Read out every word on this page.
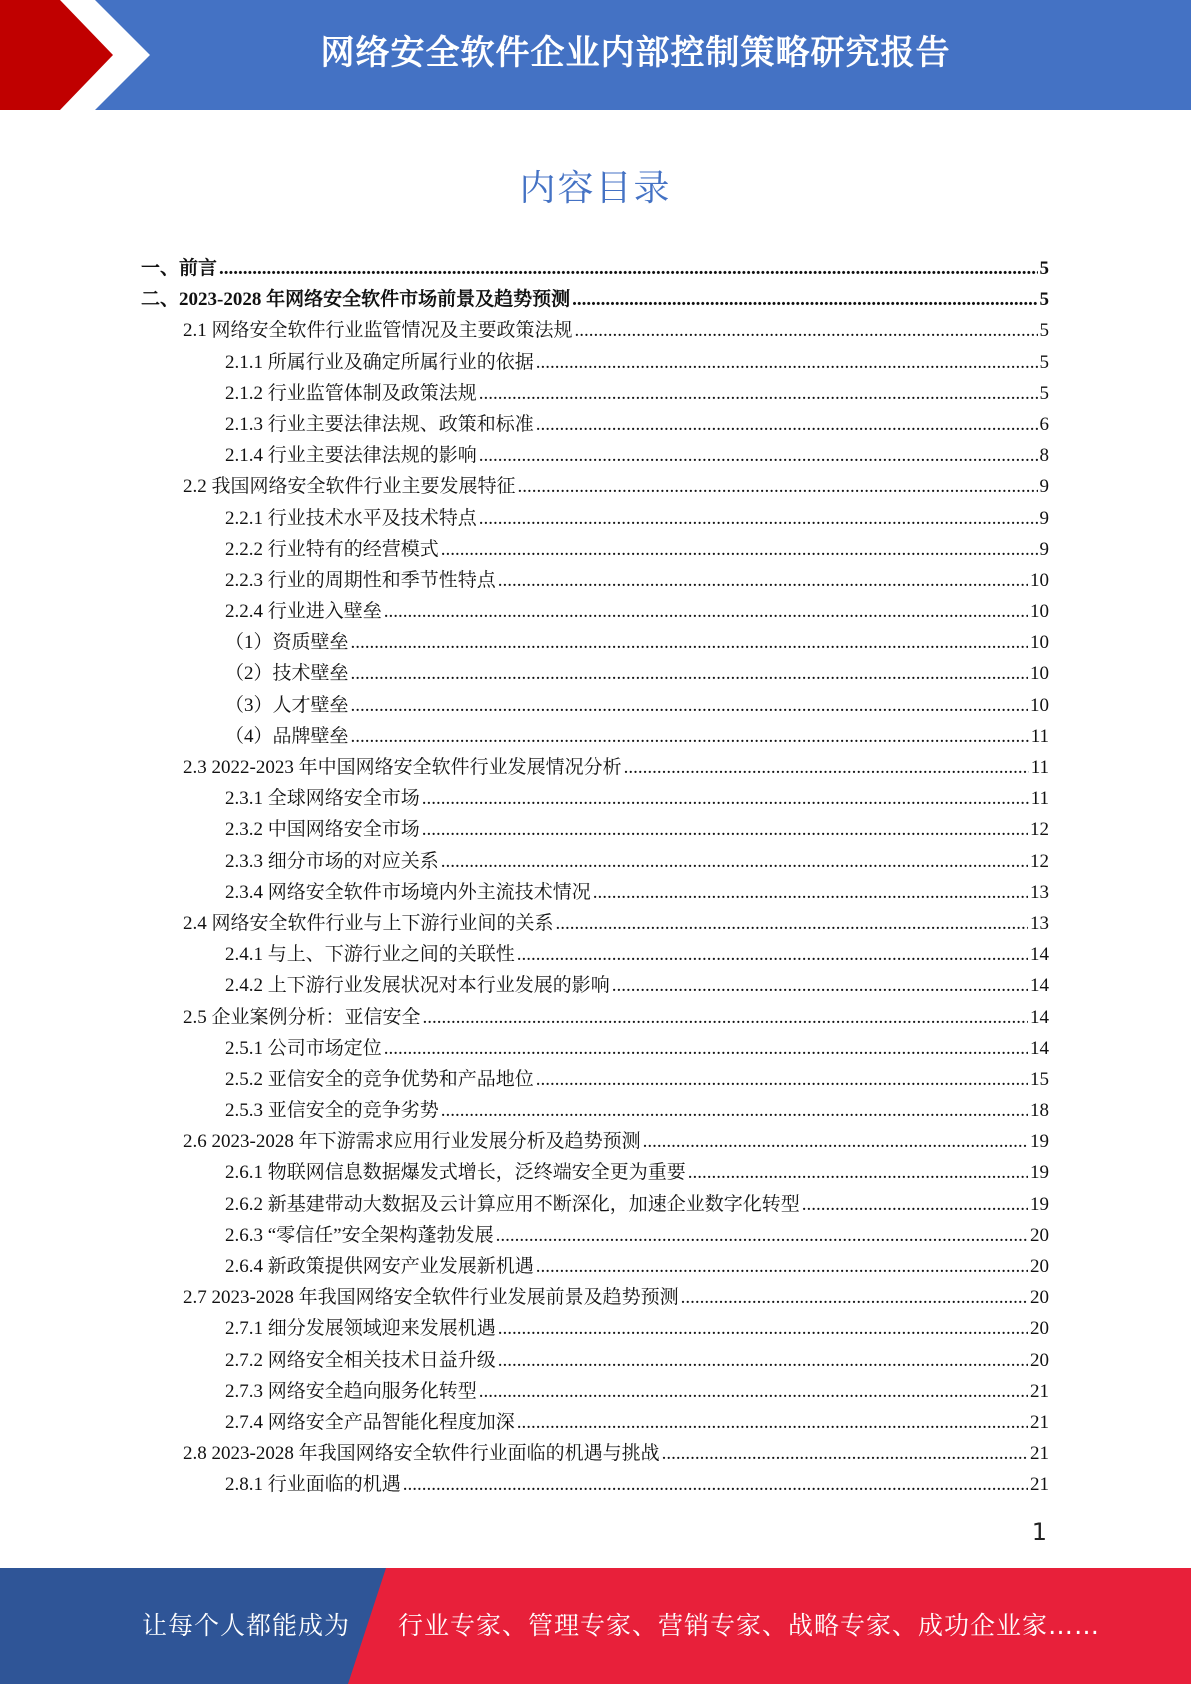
网络安全软件企业内部控制策略研究报告
内容目录
一、前言 .....	5
二、2023-2028 年网络安全软件市场前景及趋势预测 .....	5
2.1 网络安全软件行业监管情况及主要政策法规 .....	5
2.1.1 所属行业及确定所属行业的依据 .....	5
2.1.2 行业监管体制及政策法规 .....	5
2.1.3 行业主要法律法规、政策和标准 .....	6
2.1.4 行业主要法律法规的影响 .....	8
2.2 我国网络安全软件行业主要发展特征 .....	9
2.2.1 行业技术水平及技术特点 .....	9
2.2.2 行业特有的经营模式 .....	9
2.2.3 行业的周期性和季节性特点 .....	10
2.2.4 行业进入壁垒 .....	10
（1）资质壁垒 .....	10
（2）技术壁垒 .....	10
（3）人才壁垒 .....	10
（4）品牌壁垒 .....	11
2.3 2022-2023 年中国网络安全软件行业发展情况分析 .....	11
2.3.1 全球网络安全市场 .....	11
2.3.2 中国网络安全市场 .....	12
2.3.3 细分市场的对应关系 .....	12
2.3.4 网络安全软件市场境内外主流技术情况 .....	13
2.4 网络安全软件行业与上下游行业间的关系 .....	13
2.4.1 与上、下游行业之间的关联性 .....	14
2.4.2 上下游行业发展状况对本行业发展的影响 .....	14
2.5 企业案例分析：亚信安全 .....	14
2.5.1 公司市场定位 .....	14
2.5.2 亚信安全的竞争优势和产品地位 .....	15
2.5.3 亚信安全的竞争劣势 .....	18
2.6 2023-2028 年下游需求应用行业发展分析及趋势预测 .....	19
2.6.1 物联网信息数据爆发式增长，泛终端安全更为重要 .....	19
2.6.2 新基建带动大数据及云计算应用不断深化，加速企业数字化转型 .....	19
2.6.3 “零信任”安全架构蓬勃发展 .....	20
2.6.4 新政策提供网安产业发展新机遇 .....	20
2.7 2023-2028 年我国网络安全软件行业发展前景及趋势预测 .....	20
2.7.1 细分发展领域迎来发展机遇 .....	20
2.7.2 网络安全相关技术日益升级 .....	20
2.7.3 网络安全趋向服务化转型 .....	21
2.7.4 网络安全产品智能化程度加深 .....	21
2.8 2023-2028 年我国网络安全软件行业面临的机遇与挑战 .....	21
2.8.1 行业面临的机遇 .....	21
1
让每个人都能成为 行业专家、管理专家、营销专家、战略专家、成功企业家……
